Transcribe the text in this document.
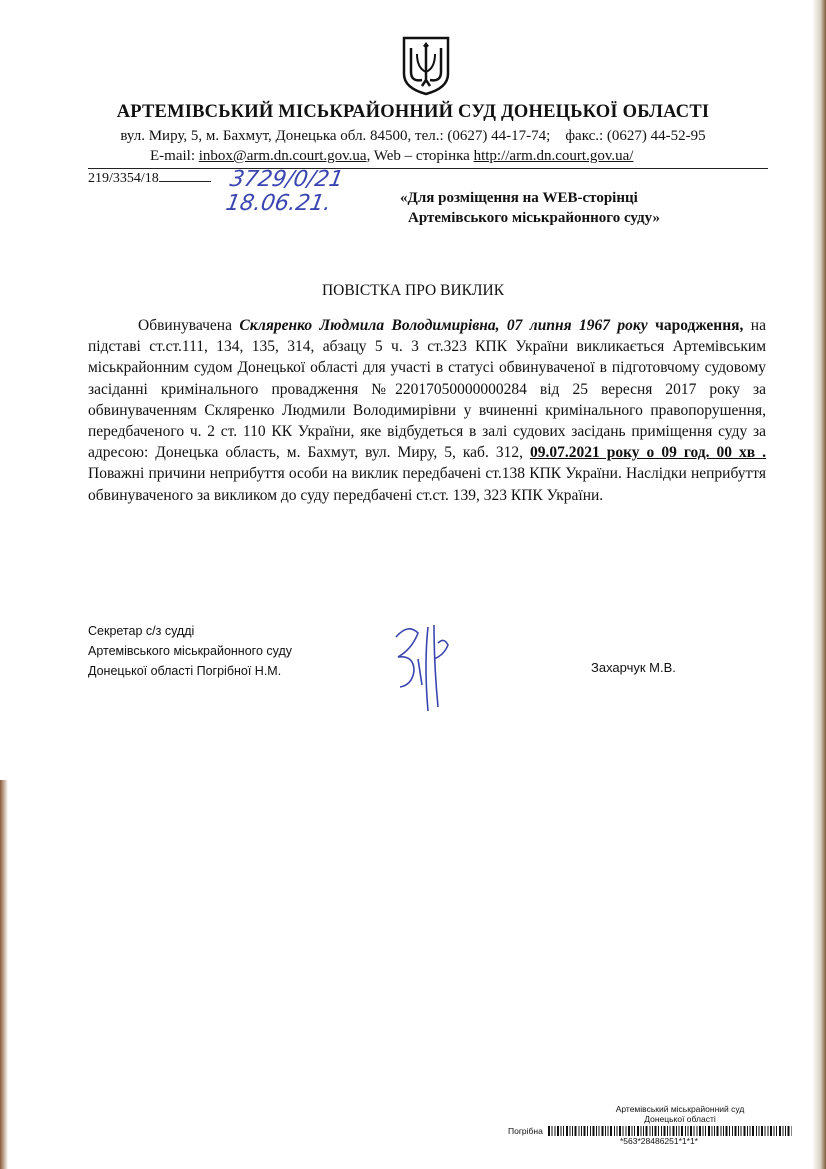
АРТЕМІВСЬКИЙ МІСЬКРАЙОННИЙ СУД ДОНЕЦЬКОЇ ОБЛАСТІ
вул. Миру, 5, м. Бахмут, Донецька обл. 84500, тел.: (0627) 44-17-74;    факс.: (0627) 44-52-95
E-mail: inbox@arm.dn.court.gov.ua, Web – сторінка http://arm.dn.court.gov.ua/
219/3354/18	3729/0/21
18.06.21.	«Для розміщення на WEB-сторінці
Артемівського міськрайонного суду»
ПОВІСТКА ПРО ВИКЛИК
Обвинувачена Скляренко Людмила Володимирівна, 07 липня 1967 року чародження, на підставі ст.ст.111, 134, 135, 314, абзацу 5 ч. 3 ст.323 КПК України викликається Артемівським міськрайонним судом Донецької області для участі в статусі обвинуваченої в підготовчому судовому засіданні кримінального провадження №22017050000000284 від 25 вересня 2017 року за обвинуваченням Скляренко Людмили Володимирівни у вчиненні кримінального правопорушення, передбаченого ч. 2 ст. 110 КК України, яке відбудеться в залі судових засідань приміщення суду за адресою: Донецька область, м. Бахмут, вул. Миру, 5, каб. 312, 09.07.2021 року о 09 год. 00 хв . Поважні причини неприбуття особи на виклик передбачені ст.138 КПК України. Наслідки неприбуття обвинуваченого за викликом до суду передбачені ст.ст. 139, 323 КПК України.
Секретар с/з судді
Артемівського міськрайонного суду
Донецької області Погрібної Н.М.	Захарчук М.В.
Артемівський міськрайонний суд
Донецької області
Погрібна
*563*28486251*1*1*
